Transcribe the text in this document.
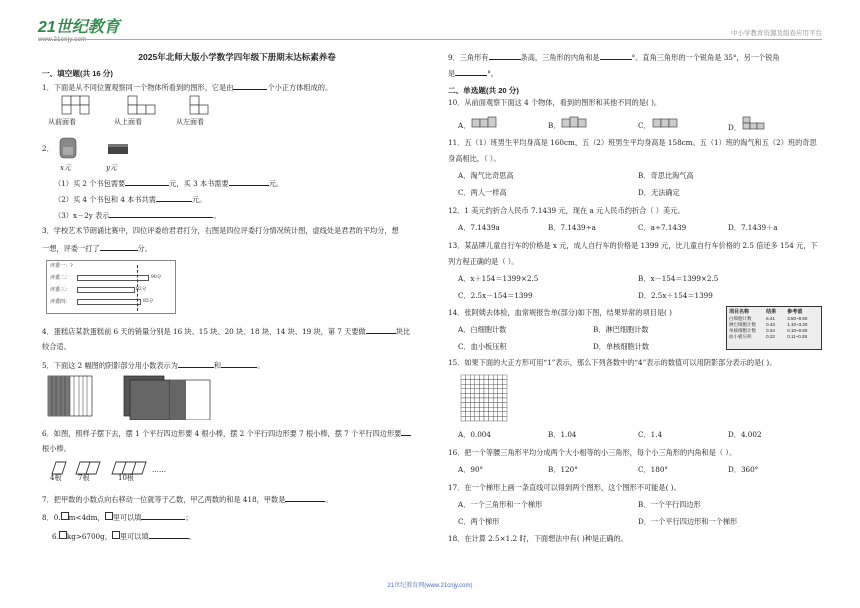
21世纪教育
www.21cnjy.com
中小学教育资源及组卷应用平台
2025年北师大版小学数学四年级下册期末达标素养卷
一、填空题(共 16 分)
1．下面是从不同位置观察同一个物体所看到的图形，它是由	个小正方体组成的。
从前面看	从上面看	从左面看
2．
x元	y元
（1）买 2 个书包需要	元，买 3 本书需要	元。
（2）买 4 个书包和 4 本书共需	元。
（3）x－2y 表示	。
3．学校艺术节朗诵比赛中，四位评委给君君打分，右图是四位评委打分情况统计图，虚线处是君君的平均分，想
一想，评委一打了	分。
评委一：?
评委二：
评委三：
评委四：
90分
82分
85分
4．蛋糕店某款蛋糕前 6 天的销量分别是 16 块、15 块、20 块、18 块、14 块、19 块，第 7 天要做	块比
较合适。
5．下面这 2 幅图的阴影部分用小数表示为	和	。
6．如图，照样子摆下去，摆 1 个平行四边形要 4 根小棒，摆 2 个平行四边形要 7 根小棒，摆 7 个平行四边形要
根小棒。
4根 7根	10根
……
7．把甲数的小数点向右移动一位就等于乙数，甲乙两数的和是 418，甲数是	。
8．0. m<4dm， 里可以填	；
6. kg>6700g， 里可以填	。
9．三角形有	条高，三角形的内角和是	°。直角三角形的一个锐角是 35°，另一个锐角
是	°。
二、单选题(共 20 分)
10．从前面观察下面这 4 个物体，看到的图形和其他不同的是( )。
A．	B．	C．	D．
11．五（1）班男生平均身高是 160cm，五（2）班男生平均身高是 158cm。五（1）班的淘气和五（2）班的奇思
身高相比，（ ）。
A．淘气比奇思高	B．奇思比淘气高
C．两人一样高	D．无法确定
12．1 美元约折合人民币 7.1439 元，现在 a 元人民币约折合（ ）美元。
A．7.1439a	B．7.1439÷a	C．a÷7.1439	D．7.1439＋a
13．某品牌儿童自行车的价格是 x 元，成人自行车的价格是 1399 元，比儿童自行车价格的 2.5 倍还多 154 元，下
列方程正确的是（ ）。
A．x＋154＝1399×2.5	B．x－154＝1399×2.5
C．2.5x－154＝1399	D．2.5x＋154＝1399
14．张阿姨去体检，血常规报告单(部分)如下图，结果异常的项目是( )
A．白细胞计数	B．淋巴细胞计数
C．血小板压积	D．单核细胞计数
项目名称	结果	参考值
白细胞计数	6.41	3.50~9.50
淋巴细胞计数	0.43	1.10~3.20
单核细胞计数	0.34	0.10~0.60
血小板压积	0.22	0.11~0.28
15．如果下面的大正方形可用“1”表示，那么下列各数中的“4”表示的数值可以用阴影部分表示的是( )。
A．0.004	B．1.04	C．1.4	D．4.002
16．把一个等腰三角形平均分成两个大小相等的小三角形，每个小三角形的内角和是（ ）。
A．90°	B．120°	C．180°	D．360°
17．在一个梯形上画一条直线可以得到两个图形，这个图形不可能是( )。
A．一个三角形和一个梯形	B．一个平行四边形
C．两个梯形	D．一个平行四边形和一个梯形
18．在计算 2.5×1.2 时，下面想法中有( )种是正确的。
21世纪教育网(www.21cnjy.com)
